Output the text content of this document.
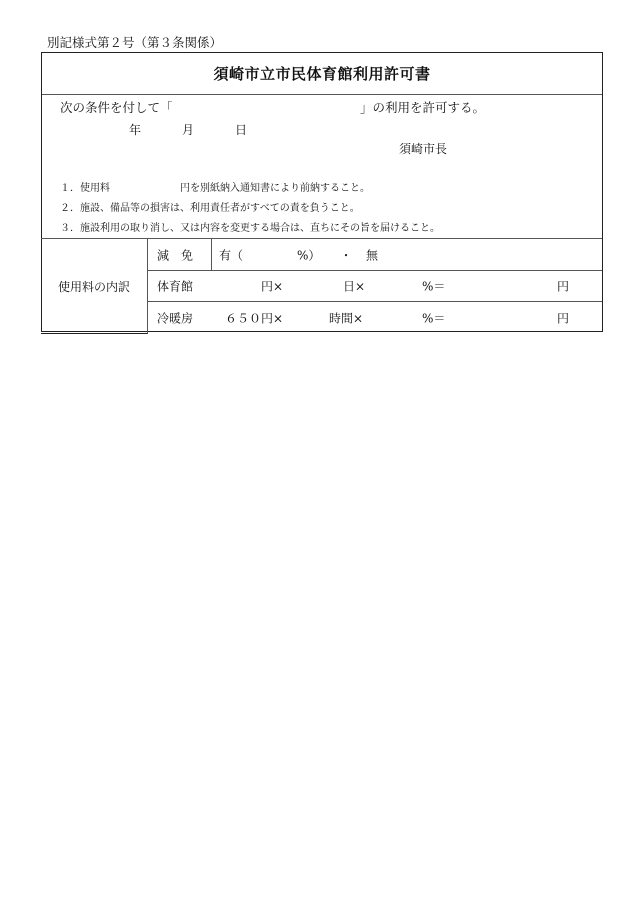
別記様式第２号（第３条関係）
須崎市立市民体育館利用許可書
次の条件を付して「　　　　　　　　　　　　　　　」の利用を許可する。
年	月	日
須崎市長
１．使用料　　　　　　　円を別紙納入通知書により前納すること。
２．施設、備品等の損害は、利用責任者がすべての責を負うこと。
３．施設利用の取り消し、又は内容を変更する場合は、直ちにその旨を届けること。
使用料の内訳
減　免 有（	%） ・ 無
体育館	円×	日×	%＝	円
冷暖房	６５０円×	時間×	%＝	円
